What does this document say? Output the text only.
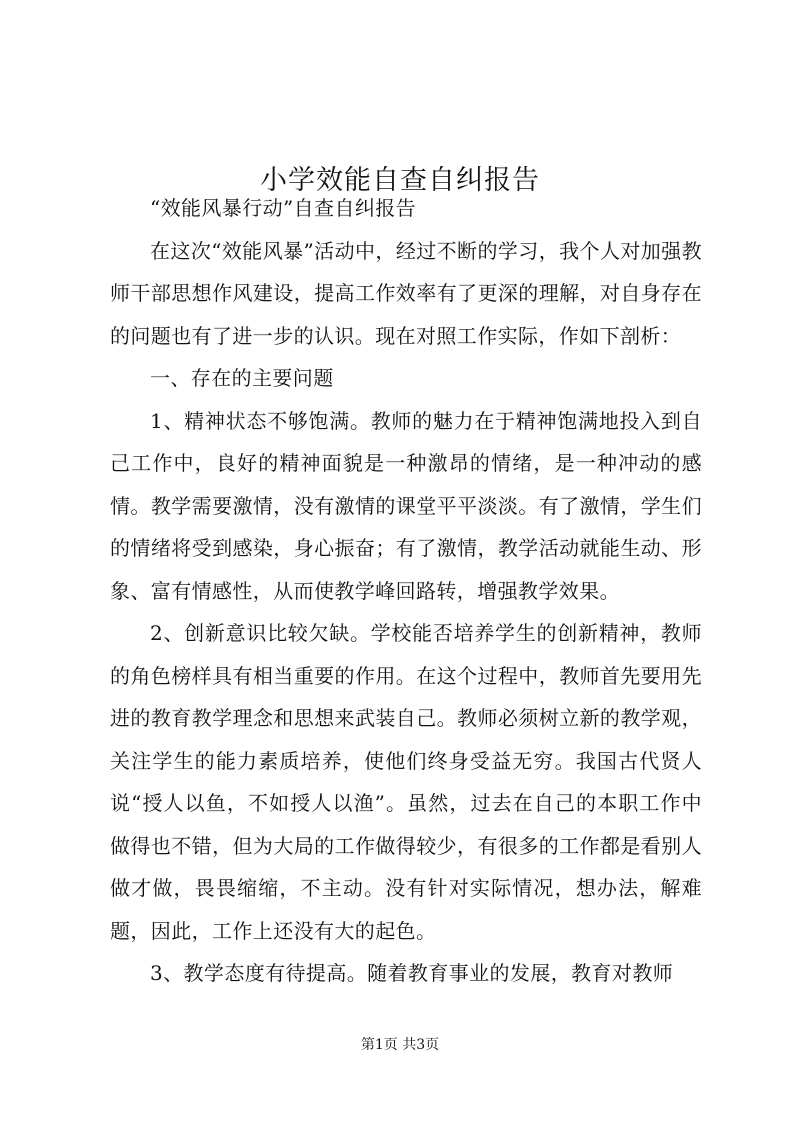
小学效能自查自纠报告

“效能风暴行动”自查自纠报告

在这次“效能风暴”活动中，经过不断的学习，我个人对加强教师干部思想作风建设，提高工作效率有了更深的理解，对自身存在的问题也有了进一步的认识。现在对照工作实际，作如下剖析：

一、存在的主要问题

1、精神状态不够饱满。教师的魅力在于精神饱满地投入到自己工作中，良好的精神面貌是一种激昂的情绪，是一种冲动的感情。教学需要激情，没有激情的课堂平平淡淡。有了激情，学生们的情绪将受到感染，身心振奋；有了激情，教学活动就能生动、形象、富有情感性，从而使教学峰回路转，增强教学效果。

2、创新意识比较欠缺。学校能否培养学生的创新精神，教师的角色榜样具有相当重要的作用。在这个过程中，教师首先要用先进的教育教学理念和思想来武装自己。教师必须树立新的教学观，关注学生的能力素质培养，使他们终身受益无穷。我国古代贤人说“授人以鱼，不如授人以渔”。虽然，过去在自己的本职工作中做得也不错，但为大局的工作做得较少，有很多的工作都是看别人做才做，畏畏缩缩，不主动。没有针对实际情况，想办法，解难题，因此，工作上还没有大的起色。

3、教学态度有待提高。随着教育事业的发展，教育对教师

第1页 共3页
